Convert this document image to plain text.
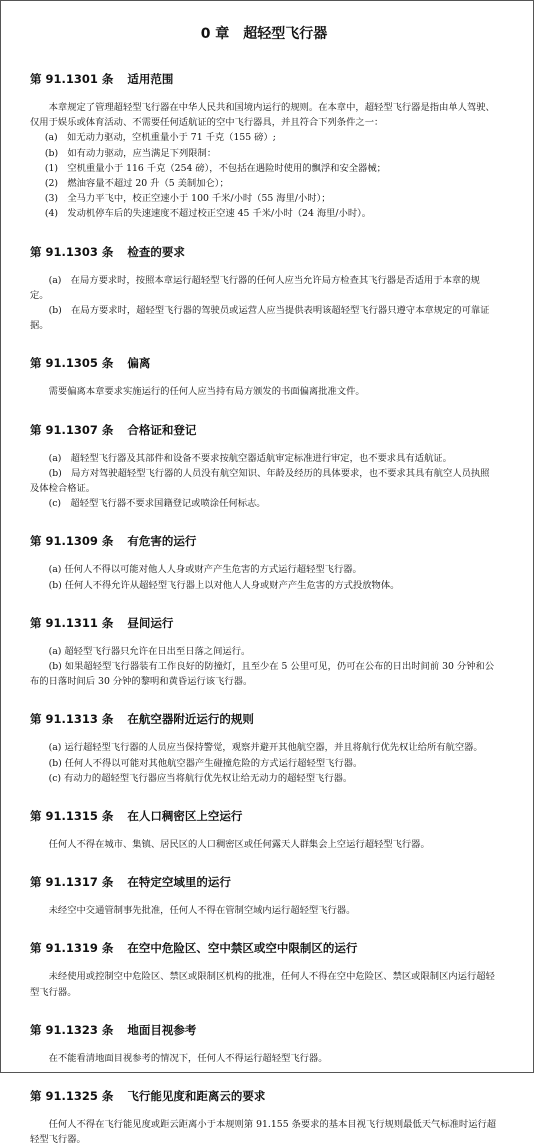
0 章　超轻型飞行器
第 91.1301 条 适用范围

本章规定了管理超轻型飞行器在中华人民共和国境内运行的规则。在本章中，超轻型飞行器是指由单人驾驶、仅用于娱乐或体育活动、不需要任何适航证的空中飞行器具，并且符合下列条件之一：

(a)　如无动力驱动，空机重量小于 71 千克（155 磅）;

(b)　如有动力驱动，应当满足下列限制：

(1)　空机重量小于 116 千克（254 磅），不包括在遇险时使用的飘浮和安全器械；

(2)　燃油容量不超过 20 升（5 美制加仑）；

(3)　全马力平飞中，校正空速小于 100 千米/小时（55 海里/小时）；

(4)　发动机停车后的失速速度不超过校正空速 45 千米/小时（24 海里/小时）。

第 91.1303 条 检查的要求

(a)　在局方要求时，按照本章运行超轻型飞行器的任何人应当允许局方检查其飞行器是否适用于本章的规定。

(b)　在局方要求时，超轻型飞行器的驾驶员或运营人应当提供表明该超轻型飞行器只遵守本章规定的可靠证据。

第 91.1305 条 偏离

需要偏离本章要求实施运行的任何人应当持有局方颁发的书面偏离批准文件。

第 91.1307 条 合格证和登记

(a)　超轻型飞行器及其部件和设备不要求按航空器适航审定标准进行审定，也不要求具有适航证。

(b)　局方对驾驶超轻型飞行器的人员没有航空知识、年龄及经历的具体要求，也不要求其具有航空人员执照及体检合格证。

(c)　超轻型飞行器不要求国籍登记或喷涂任何标志。

第 91.1309 条 有危害的运行

(a) 任何人不得以可能对他人人身或财产产生危害的方式运行超轻型飞行器。

(b) 任何人不得允许从超轻型飞行器上以对他人人身或财产产生危害的方式投放物体。

第 91.1311 条 昼间运行

(a) 超轻型飞行器只允许在日出至日落之间运行。

(b) 如果超轻型飞行器装有工作良好的防撞灯，且至少在 5 公里可见，仍可在公布的日出时间前 30 分钟和公布的日落时间后 30 分钟的黎明和黄昏运行该飞行器。

第 91.1313 条 在航空器附近运行的规则

(a) 运行超轻型飞行器的人员应当保持警觉，观察并避开其他航空器，并且将航行优先权让给所有航空器。

(b) 任何人不得以可能对其他航空器产生碰撞危险的方式运行超轻型飞行器。

(c) 有动力的超轻型飞行器应当将航行优先权让给无动力的超轻型飞行器。

第 91.1315 条 在人口稠密区上空运行

任何人不得在城市、集镇、居民区的人口稠密区或任何露天人群集会上空运行超轻型飞行器。

第 91.1317 条 在特定空域里的运行

未经空中交通管制事先批准，任何人不得在管制空域内运行超轻型飞行器。

第 91.1319 条 在空中危险区、空中禁区或空中限制区的运行

未经使用或控制空中危险区、禁区或限制区机构的批准，任何人不得在空中危险区、禁区或限制区内运行超轻型飞行器。

第 91.1323 条 地面目视参考

在不能看清地面目视参考的情况下，任何人不得运行超轻型飞行器。

第 91.1325 条 飞行能见度和距离云的要求

任何人不得在飞行能见度或距云距离小于本规则第 91.155 条要求的基本目视飞行规则最低天气标准时运行超轻型飞行器。
